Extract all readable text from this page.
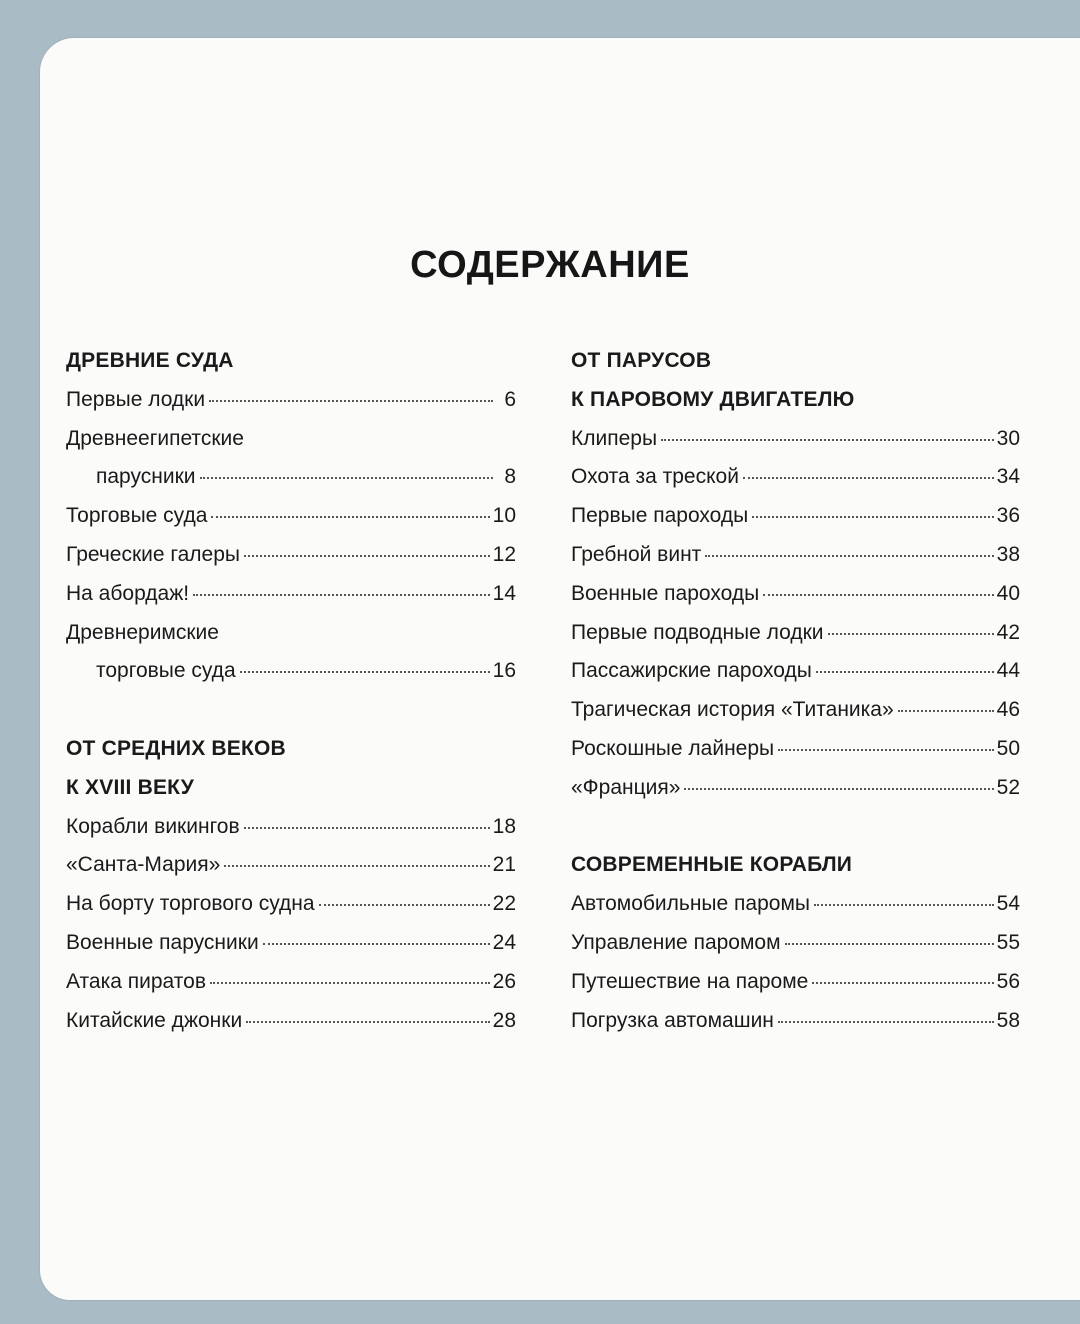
СОДЕРЖАНИЕ
ДРЕВНИЕ СУДА
Первые лодки	6
Древнеегипетские
парусники	8
Торговые суда	10
Греческие галеры	12
На абордаж!	14
Древнеримские
торговые суда	16
ОТ СРЕДНИХ ВЕКОВ
К XVIII ВЕКУ
Корабли викингов	18
«Санта-Мария»	21
На борту торгового судна	22
Военные парусники	24
Атака пиратов	26
Китайские джонки	28
ОТ ПАРУСОВ
К ПАРОВОМУ ДВИГАТЕЛЮ
Клиперы	30
Охота за треской	34
Первые пароходы	36
Гребной винт	38
Военные пароходы	40
Первые подводные лодки	42
Пассажирские пароходы	44
Трагическая история «Титаника»	46
Роскошные лайнеры	50
«Франция»	52
СОВРЕМЕННЫЕ КОРАБЛИ
Автомобильные паромы	54
Управление паромом	55
Путешествие на пароме	56
Погрузка автомашин	58
